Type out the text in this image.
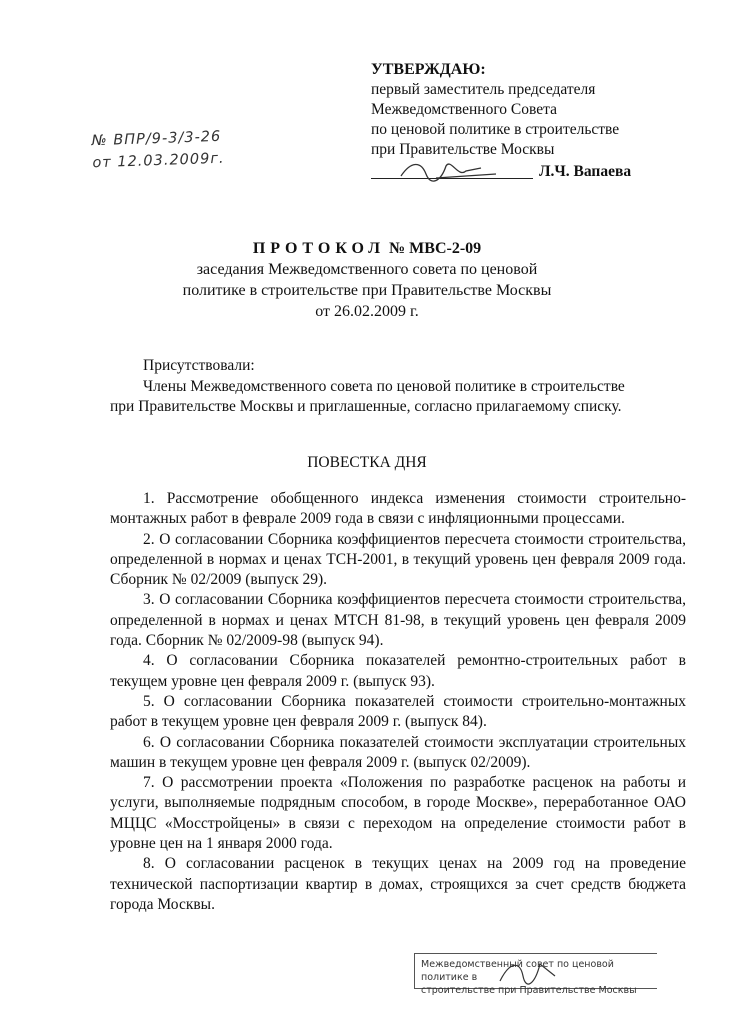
УТВЕРЖДАЮ:
первый заместитель председателя
Межведомственного Совета
по ценовой политике в строительстве
при Правительстве Москвы
Л.Ч. Вапаева
№ ВПР/9-3/3-26
от 12.03.2009г.
ПРОТОКОЛ № МВС-2-09
заседания Межведомственного совета по ценовой
политике в строительстве при Правительстве Москвы
от 26.02.2009 г.
Присутствовали:
Члены Межведомственного совета по ценовой политике в строительстве
при Правительстве Москвы и приглашенные, согласно прилагаемому списку.
ПОВЕСТКА ДНЯ

1. Рассмотрение обобщенного индекса изменения стоимости строительно-монтажных работ в феврале 2009 года в связи с инфляционными процессами.

2. О согласовании Сборника коэффициентов пересчета стоимости строительства, определенной в нормах и ценах ТСН-2001, в текущий уровень цен февраля 2009 года. Сборник № 02/2009 (выпуск 29).

3. О согласовании Сборника коэффициентов пересчета стоимости строительства, определенной в нормах и ценах МТСН 81-98, в текущий уровень цен февраля 2009 года. Сборник № 02/2009-98 (выпуск 94).

4. О согласовании Сборника показателей ремонтно-строительных работ в текущем уровне цен февраля 2009 г. (выпуск 93).

5. О согласовании Сборника показателей стоимости строительно-монтажных работ в текущем уровне цен февраля 2009 г. (выпуск 84).

6. О согласовании Сборника показателей стоимости эксплуатации строительных машин в текущем уровне цен февраля 2009 г. (выпуск 02/2009).

7. О рассмотрении проекта «Положения по разработке расценок на работы и услуги, выполняемые подрядным способом, в городе Москве», переработанное ОАО МЦЦС «Мосстройцены» в связи с переходом на определение стоимости работ в уровне цен на 1 января 2000 года.

8. О согласовании расценок в текущих ценах на 2009 год на проведение технической паспортизации квартир в домах, строящихся за счет средств бюджета города Москвы.

Межведомственный совет по ценовой политике в
строительстве при Правительстве Москвы
